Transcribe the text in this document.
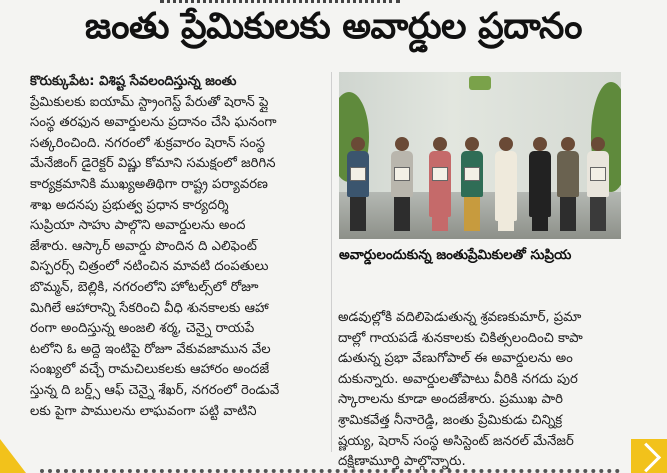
జంతు ప్రేమికులకు అవార్డుల ప్రదానం
కొరుక్కుపేట: విశిష్ట సేవలందిస్తున్న జంతు
ప్రేమికులకు ఐయామ్ స్ట్రాంగెస్ట్ పేరుతో షెరాన్ ప్లై
సంస్థ తరఫున అవార్డులను ప్రదానం చేసి ఘనంగా
సత్కరించింది. నగరంలో శుక్రవారం షెరాన్ సంస్థ
మేనేజింగ్ డైరెక్టర్ విష్ణు కోమాని సమక్షంలో జరిగిన
కార్యక్రమానికి ముఖ్యఅతిథిగా రాష్ట్ర పర్యావరణ
శాఖ అదనపు ప్రభుత్వ ప్రధాన కార్యదర్శి
సుప్రియా సాహు పాల్గొని అవార్డులను అంద
జేశారు. ఆస్కార్ అవార్డు పొందిన ది ఎలిఫెంట్
విస్పరర్స్ చిత్రంలో నటించిన మావటి దంపతులు
బొమ్మన్, బెల్లికి, నగరంలోని హోటల్స్‌లో రోజూ
మిగిలే ఆహారాన్ని సేకరించి వీధి శునకాలకు ఆహా
రంగా అందిస్తున్న అంజలి శర్మ, చెన్నై రాయపే
టలోని ఓ అద్దె ఇంటిపై రోజూ వేకువజామున వేల
సంఖ్యలో వచ్చే రామచిలుకలకు ఆహారం అందజే
స్తున్న ది బర్డ్స్ ఆఫ్ చెన్నై శేఖర్, నగరంలో రెండువే
లకు పైగా పాములను లాఘవంగా పట్టి వాటిని
అవార్డులందుకున్న జంతుప్రేమికులతో సుప్రియ
అడవుల్లోకి వదిలిపెడుతున్న శ్రవణకుమార్, ప్రమా
దాల్లో గాయపడే శునకాలకు చికిత్సలందించి కాపా
డుతున్న ప్రభా వేణుగోపాల్ ఈ అవార్డులను అం
దుకున్నారు. అవార్డులతోపాటు వీరికి నగదు పుర
స్కారాలను కూడా అందజేశారు. ప్రముఖ పారి
శ్రామికవేత్త నీనారెడ్డి, జంతు ప్రేమికుడు చిన్నిక్ర
ష్ణయ్య, షెరాన్ సంస్థ అసిస్టెంట్ జనరల్ మేనేజర్
దక్షిణామూర్తి పాల్గొన్నారు.
